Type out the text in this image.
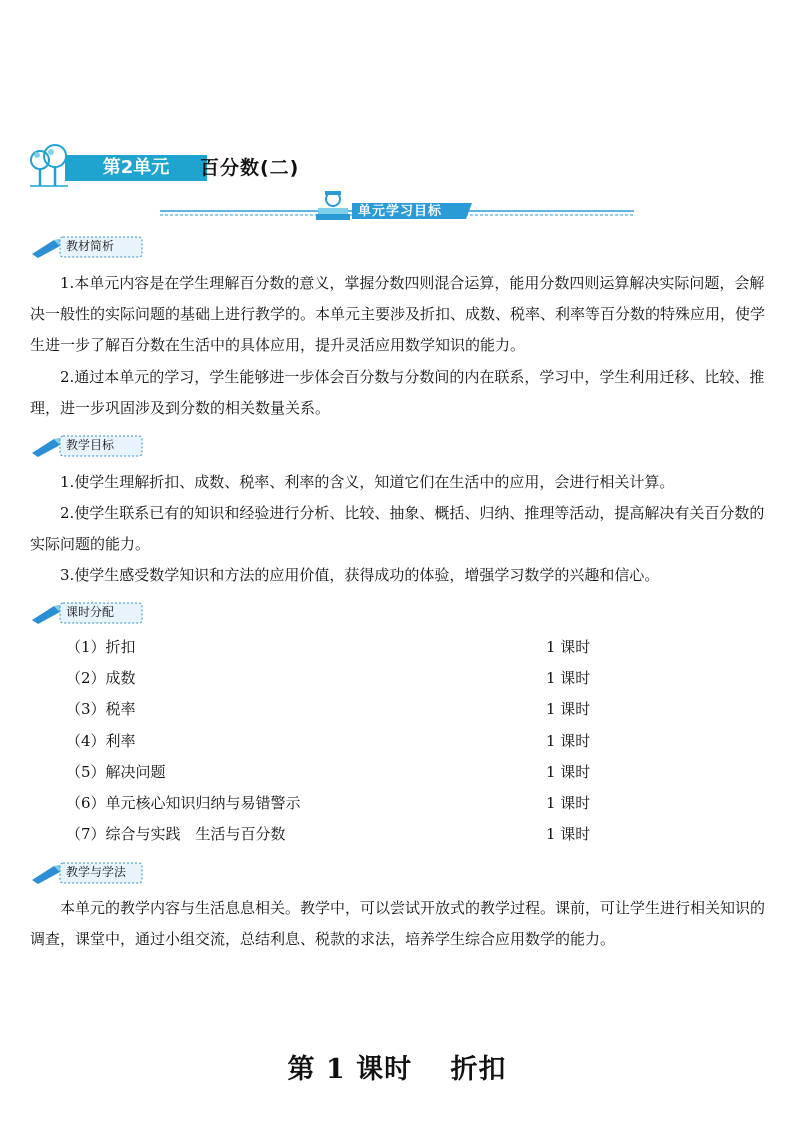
第2单元	百分数(二)
单元学习目标
教材简析

1.本单元内容是在学生理解百分数的意义，掌握分数四则混合运算，能用分数四则运算解决实际问题，会解决一般性的实际问题的基础上进行教学的。本单元主要涉及折扣、成数、税率、利率等百分数的特殊应用，使学生进一步了解百分数在生活中的具体应用，提升灵活应用数学知识的能力。

2.通过本单元的学习，学生能够进一步体会百分数与分数间的内在联系，学习中，学生利用迁移、比较、推理，进一步巩固涉及到分数的相关数量关系。

教学目标

1.使学生理解折扣、成数、税率、利率的含义，知道它们在生活中的应用，会进行相关计算。

2.使学生联系已有的知识和经验进行分析、比较、抽象、概括、归纳、推理等活动，提高解决有关百分数的实际问题的能力。

3.使学生感受数学知识和方法的应用价值，获得成功的体验，增强学习数学的兴趣和信心。

课时分配
（1）折扣	1 课时
（2）成数	1 课时
（3）税率	1 课时
（4）利率	1 课时
（5）解决问题	1 课时
（6）单元核心知识归纳与易错警示	1 课时
（7）综合与实践　生活与百分数	1 课时
教学与学法

本单元的教学内容与生活息息相关。教学中，可以尝试开放式的教学过程。课前，可让学生进行相关知识的调查，课堂中，通过小组交流，总结利息、税款的求法，培养学生综合应用数学的能力。

第 1 课时　 折扣
